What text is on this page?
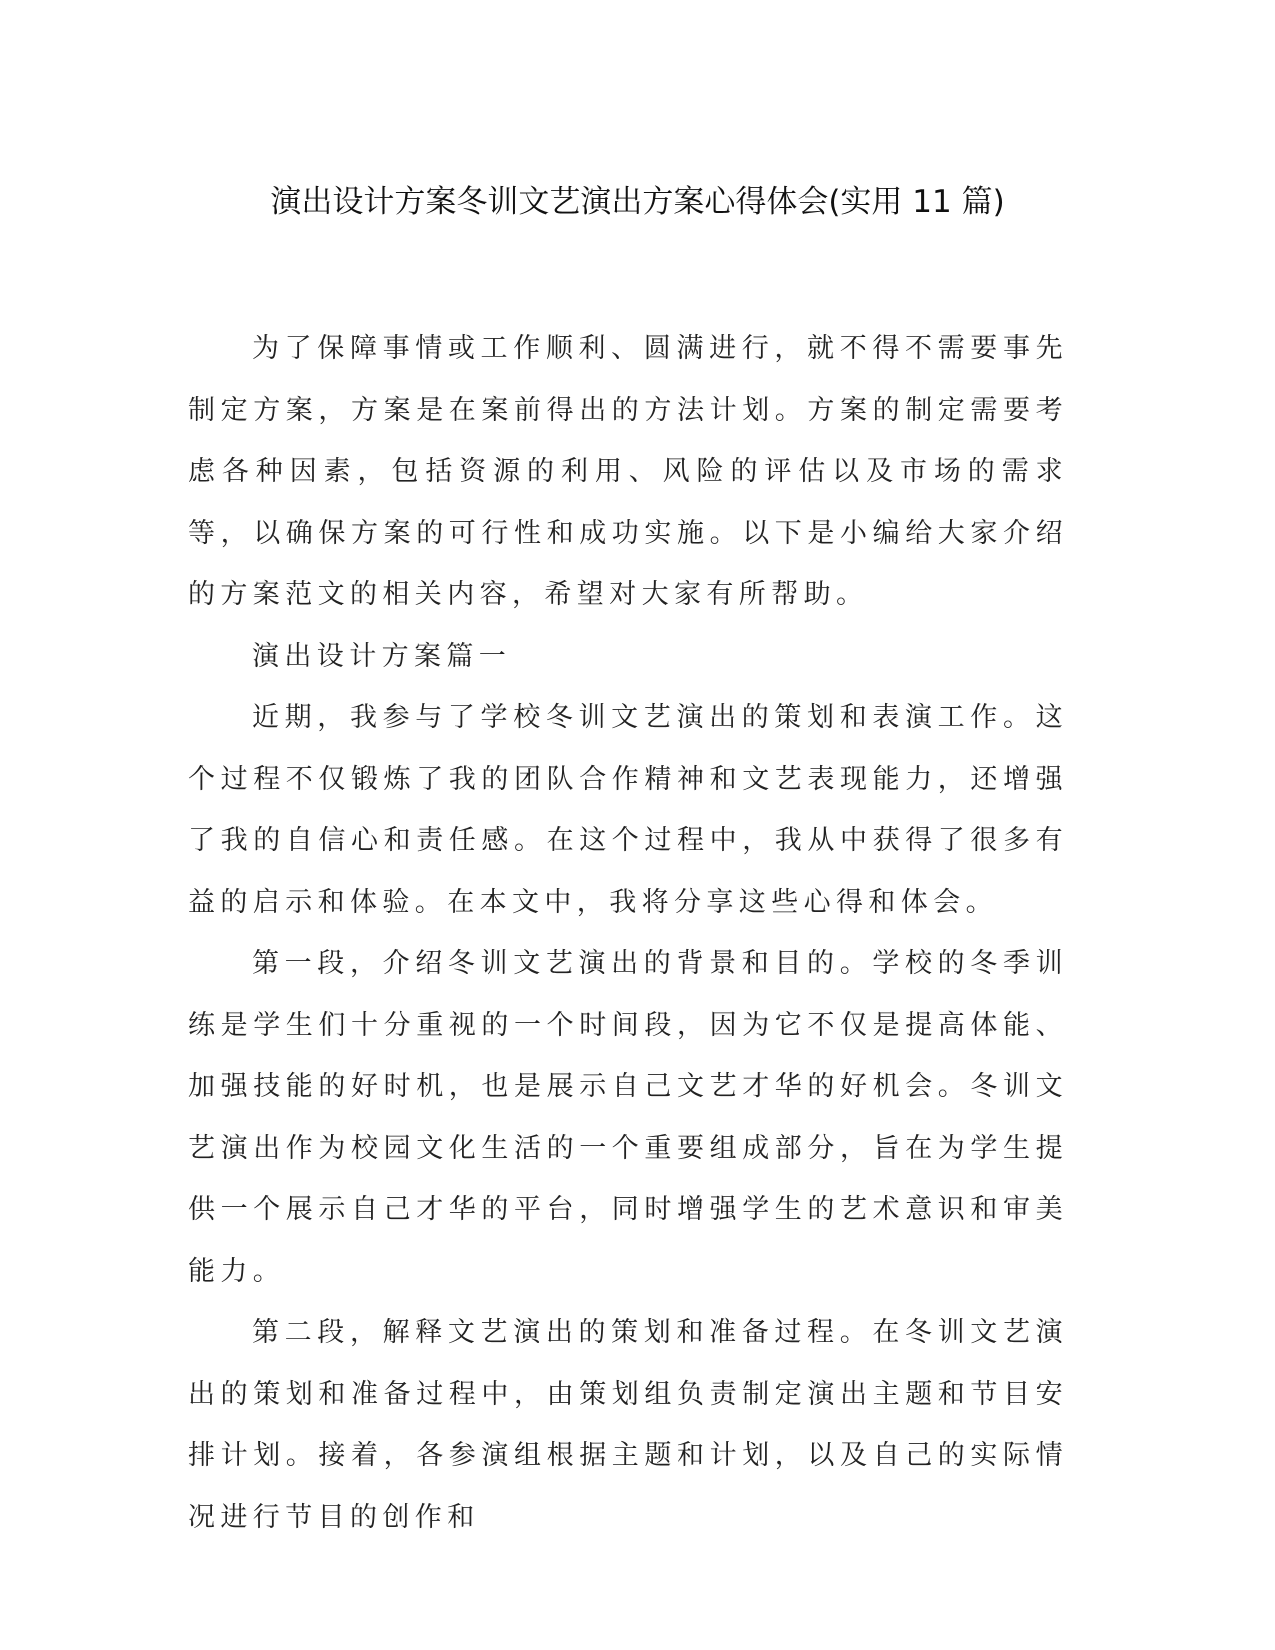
演出设计方案冬训文艺演出方案心得体会(实用 11 篇)

为了保障事情或工作顺利、圆满进行，就不得不需要事先制定方案，方案是在案前得出的方法计划。方案的制定需要考虑各种因素，包括资源的利用、风险的评估以及市场的需求等，以确保方案的可行性和成功实施。以下是小编给大家介绍的方案范文的相关内容，希望对大家有所帮助。

演出设计方案篇一

近期，我参与了学校冬训文艺演出的策划和表演工作。这个过程不仅锻炼了我的团队合作精神和文艺表现能力，还增强了我的自信心和责任感。在这个过程中，我从中获得了很多有益的启示和体验。在本文中，我将分享这些心得和体会。

第一段，介绍冬训文艺演出的背景和目的。学校的冬季训练是学生们十分重视的一个时间段，因为它不仅是提高体能、加强技能的好时机，也是展示自己文艺才华的好机会。冬训文艺演出作为校园文化生活的一个重要组成部分，旨在为学生提供一个展示自己才华的平台，同时增强学生的艺术意识和审美能力。

第二段，解释文艺演出的策划和准备过程。在冬训文艺演出的策划和准备过程中，由策划组负责制定演出主题和节目安排计划。接着，各参演组根据主题和计划，以及自己的实际情况进行节目的创作和
